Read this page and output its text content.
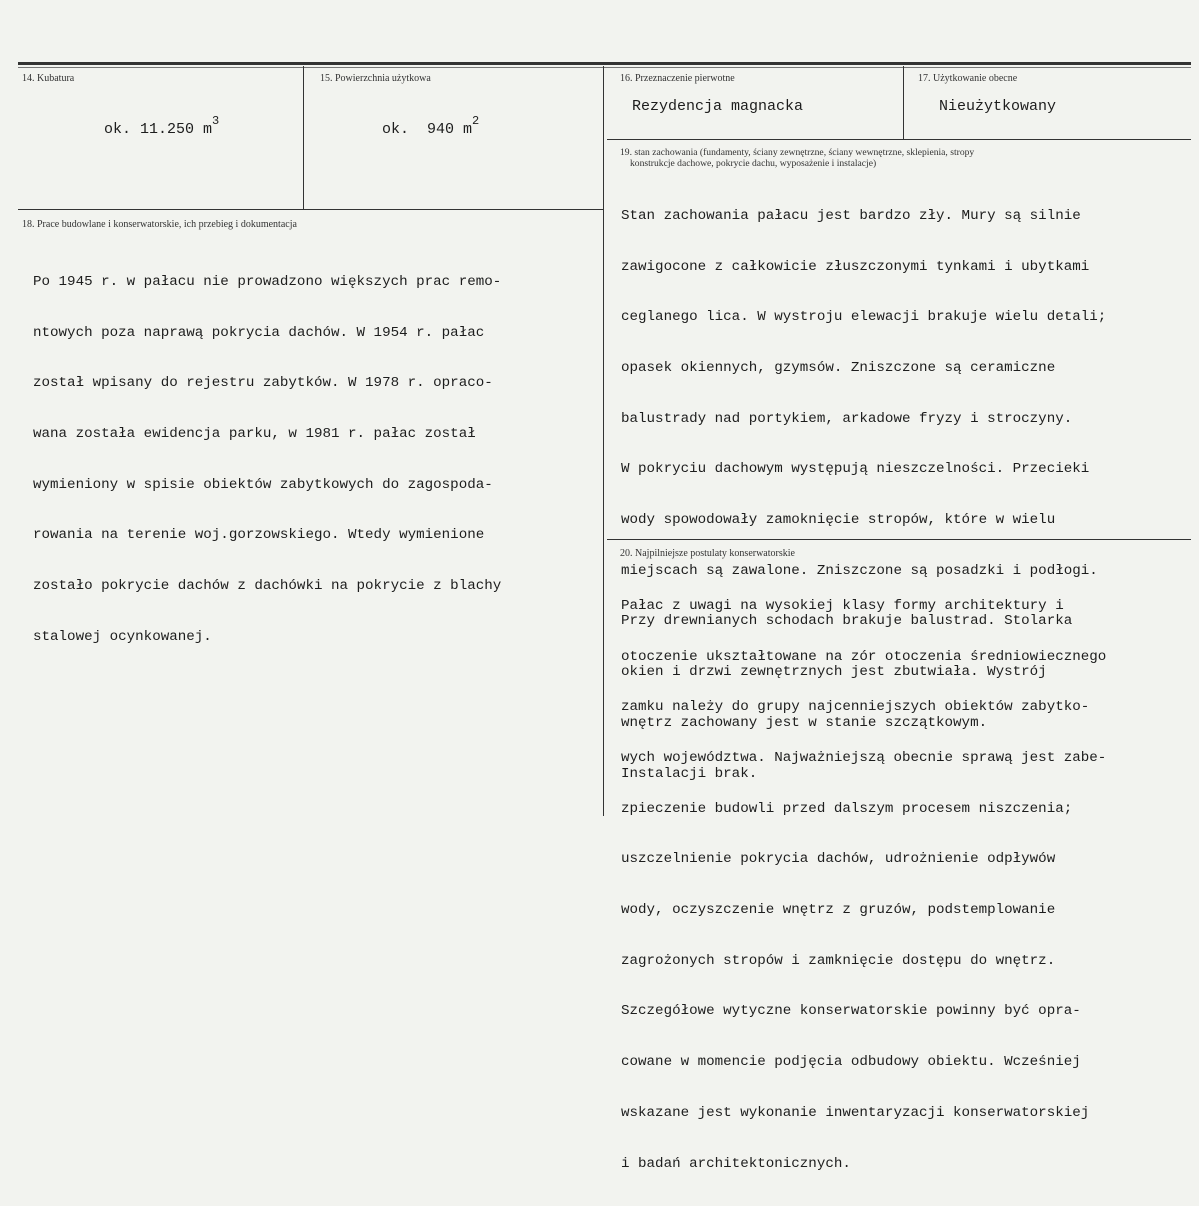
14. Kubatura
ok. 11.250 $m^3$
15. Powierzchnia użytkowa
ok.  940 $m^2$
16. Przeznaczenie pierwotne
Rezydencja magnacka
17. Użytkowanie obecne
Nieużytkowany
18. Prace budowlane i konserwatorskie, ich przebieg i dokumentacja

Po 1945 r. w pałacu nie prowadzono większych prac remo-

ntowych poza naprawą pokrycia dachów. W 1954 r. pałac

został wpisany do rejestru zabytków. W 1978 r. opraco-

wana została ewidencja parku, w 1981 r. pałac został

wymieniony w spisie obiektów zabytkowych do zagospoda-

rowania na terenie woj.gorzowskiego. Wtedy wymienione

zostało pokrycie dachów z dachówki na pokrycie z blachy

stalowej ocynkowanej.

19. stan zachowania (fundamenty, ściany zewnętrzne, ściany wewnętrzne, sklepienia, stropy
konstrukcje dachowe, pokrycie dachu, wyposażenie i instalacje)

Stan zachowania pałacu jest bardzo zły. Mury są silnie

zawigocone z całkowicie złuszczonymi tynkami i ubytkami

ceglanego lica. W wystroju elewacji brakuje wielu detali;

opasek okiennych, gzymsów. Zniszczone są ceramiczne

balustrady nad portykiem, arkadowe fryzy i stroczyny.

W pokryciu dachowym występują nieszczelności. Przecieki

wody spowodowały zamoknięcie stropów, które w wielu

miejscach są zawalone. Zniszczone są posadzki i podłogi.

Przy drewnianych schodach brakuje balustrad. Stolarka

okien i drzwi zewnętrznych jest zbutwiała. Wystrój

wnętrz zachowany jest w stanie szczątkowym.

Instalacji brak.

20. Najpilniejsze postulaty konserwatorskie

Pałac z uwagi na wysokiej klasy formy architektury i

otoczenie ukształtowane na zór otoczenia średniowiecznego

zamku należy do grupy najcenniejszych obiektów zabytko-

wych województwa. Najważniejszą obecnie sprawą jest zabe-

zpieczenie budowli przed dalszym procesem niszczenia;

uszczelnienie pokrycia dachów, udrożnienie odpływów

wody, oczyszczenie wnętrz z gruzów, podstemplowanie

zagrożonych stropów i zamknięcie dostępu do wnętrz.

Szczegółowe wytyczne konserwatorskie powinny być opra-

cowane w momencie podjęcia odbudowy obiektu. Wcześniej

wskazane jest wykonanie inwentaryzacji konserwatorskiej

i badań architektonicznych.
